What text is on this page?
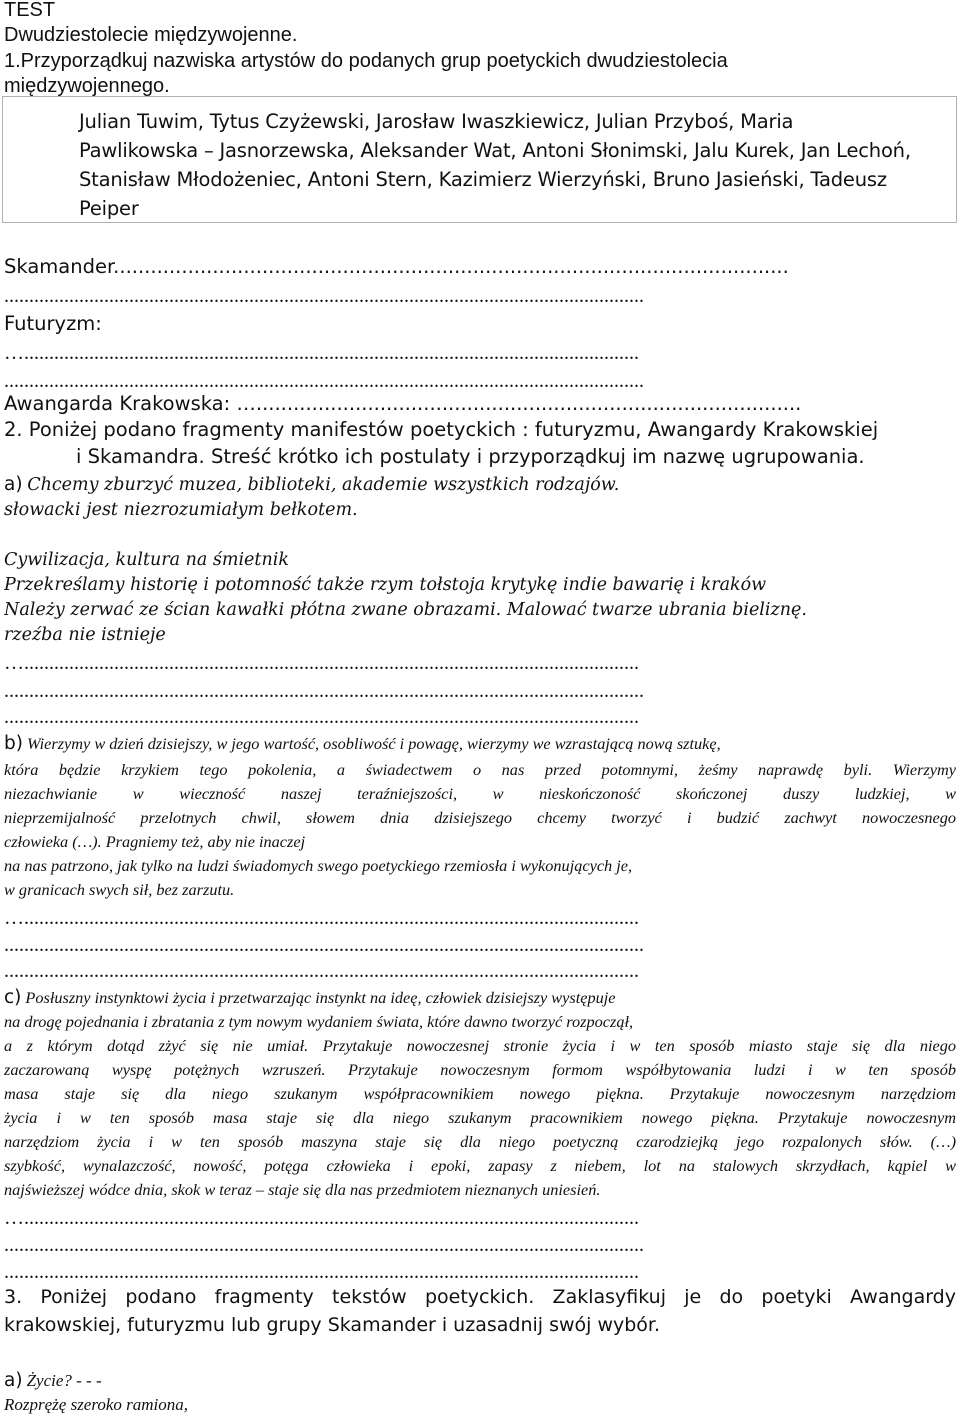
TEST
Dwudziestolecie międzywojenne.
1.Przyporządkuj nazwiska artystów do podanych grup poetyckich dwudziestolecia
międzywojennego.
Julian Tuwim, Tytus Czyżewski, Jarosław Iwaszkiewicz, Julian Przyboś, Maria
Pawlikowska – Jasnorzewska, Aleksander Wat, Antoni Słonimski, Jalu Kurek, Jan Lechoń,
Stanisław Młodożeniec, Antoni Stern, Kazimierz Wierzyński, Bruno Jasieński, Tadeusz
Peiper
Skamander.............................................................................................................
................................................................................................................................
Futuryzm:
…...........................................................................................................................
................................................................................................................................
Awangarda Krakowska: …........................................................................................
2. Poniżej podano fragmenty manifestów poetyckich : futuryzmu, Awangardy Krakowskiej
i Skamandra. Streść krótko ich postulaty i przyporządkuj im nazwę ugrupowania.
a) Chcemy zburzyć muzea, biblioteki, akademie wszystkich rodzajów.
słowacki jest niezrozumiałym bełkotem.
Cywilizacja, kultura na śmietnik
Przekreślamy historię i potomność także rzym tołstoja krytykę indie bawarię i kraków
Należy zerwać ze ścian kawałki płótna zwane obrazami. Malować twarze ubrania bieliznę.
rzeźba nie istnieje
…...........................................................................................................................
................................................................................................................................
...............................................................................................................................
b) Wierzymy w dzień dzisiejszy, w jego wartość, osobliwość i powagę, wierzymy we wzrastającą nową sztukę,
która będzie krzykiem tego pokolenia, a świadectwem o nas przed potomnymi, żeśmy naprawdę byli. Wierzymy
niezachwianie w wieczność naszej teraźniejszości, w nieskończoność skończonej duszy ludzkiej, w
nieprzemijalność przelotnych chwil, słowem dnia dzisiejszego chcemy tworzyć i budzić zachwyt nowoczesnego
człowieka (…). Pragniemy też, aby nie inaczej
na nas patrzono, jak tylko na ludzi świadomych swego poetyckiego rzemiosła i wykonujących je,
w granicach swych sił, bez zarzutu.
…...........................................................................................................................
................................................................................................................................
...............................................................................................................................
c) Posłuszny instynktowi życia i przetwarzając instynkt na ideę, człowiek dzisiejszy występuje
na drogę pojednania i zbratania z tym nowym wydaniem świata, które dawno tworzyć rozpoczął,
a z którym dotąd zżyć się nie umiał. Przytakuje nowoczesnej stronie życia i w ten sposób miasto staje się dla niego
zaczarowaną wyspę potężnych wzruszeń. Przytakuje nowoczesnym formom współbytowania ludzi i w ten sposób
masa staje się dla niego szukanym współpracownikiem nowego piękna. Przytakuje nowoczesnym narzędziom
życia i w ten sposób masa staje się dla niego szukanym pracownikiem nowego piękna. Przytakuje nowoczesnym
narzędziom życia i w ten sposób maszyna staje się dla niego poetyczną czarodziejką jego rozpalonych słów. (…)
szybkość, wynalazczość, nowość, potęga człowieka i epoki, zapasy z niebem, lot na stalowych skrzydłach, kąpiel w
najświeższej wódce dnia, skok w teraz – staje się dla nas przedmiotem nieznanych uniesień.
…...........................................................................................................................
................................................................................................................................
...............................................................................................................................
3. Poniżej podano fragmenty tekstów poetyckich. Zaklasyfikuj je do poetyki Awangardy
krakowskiej, futuryzmu lub grupy Skamander i uzasadnij swój wybór.
a) Życie? - - -
Rozprężę szeroko ramiona,
